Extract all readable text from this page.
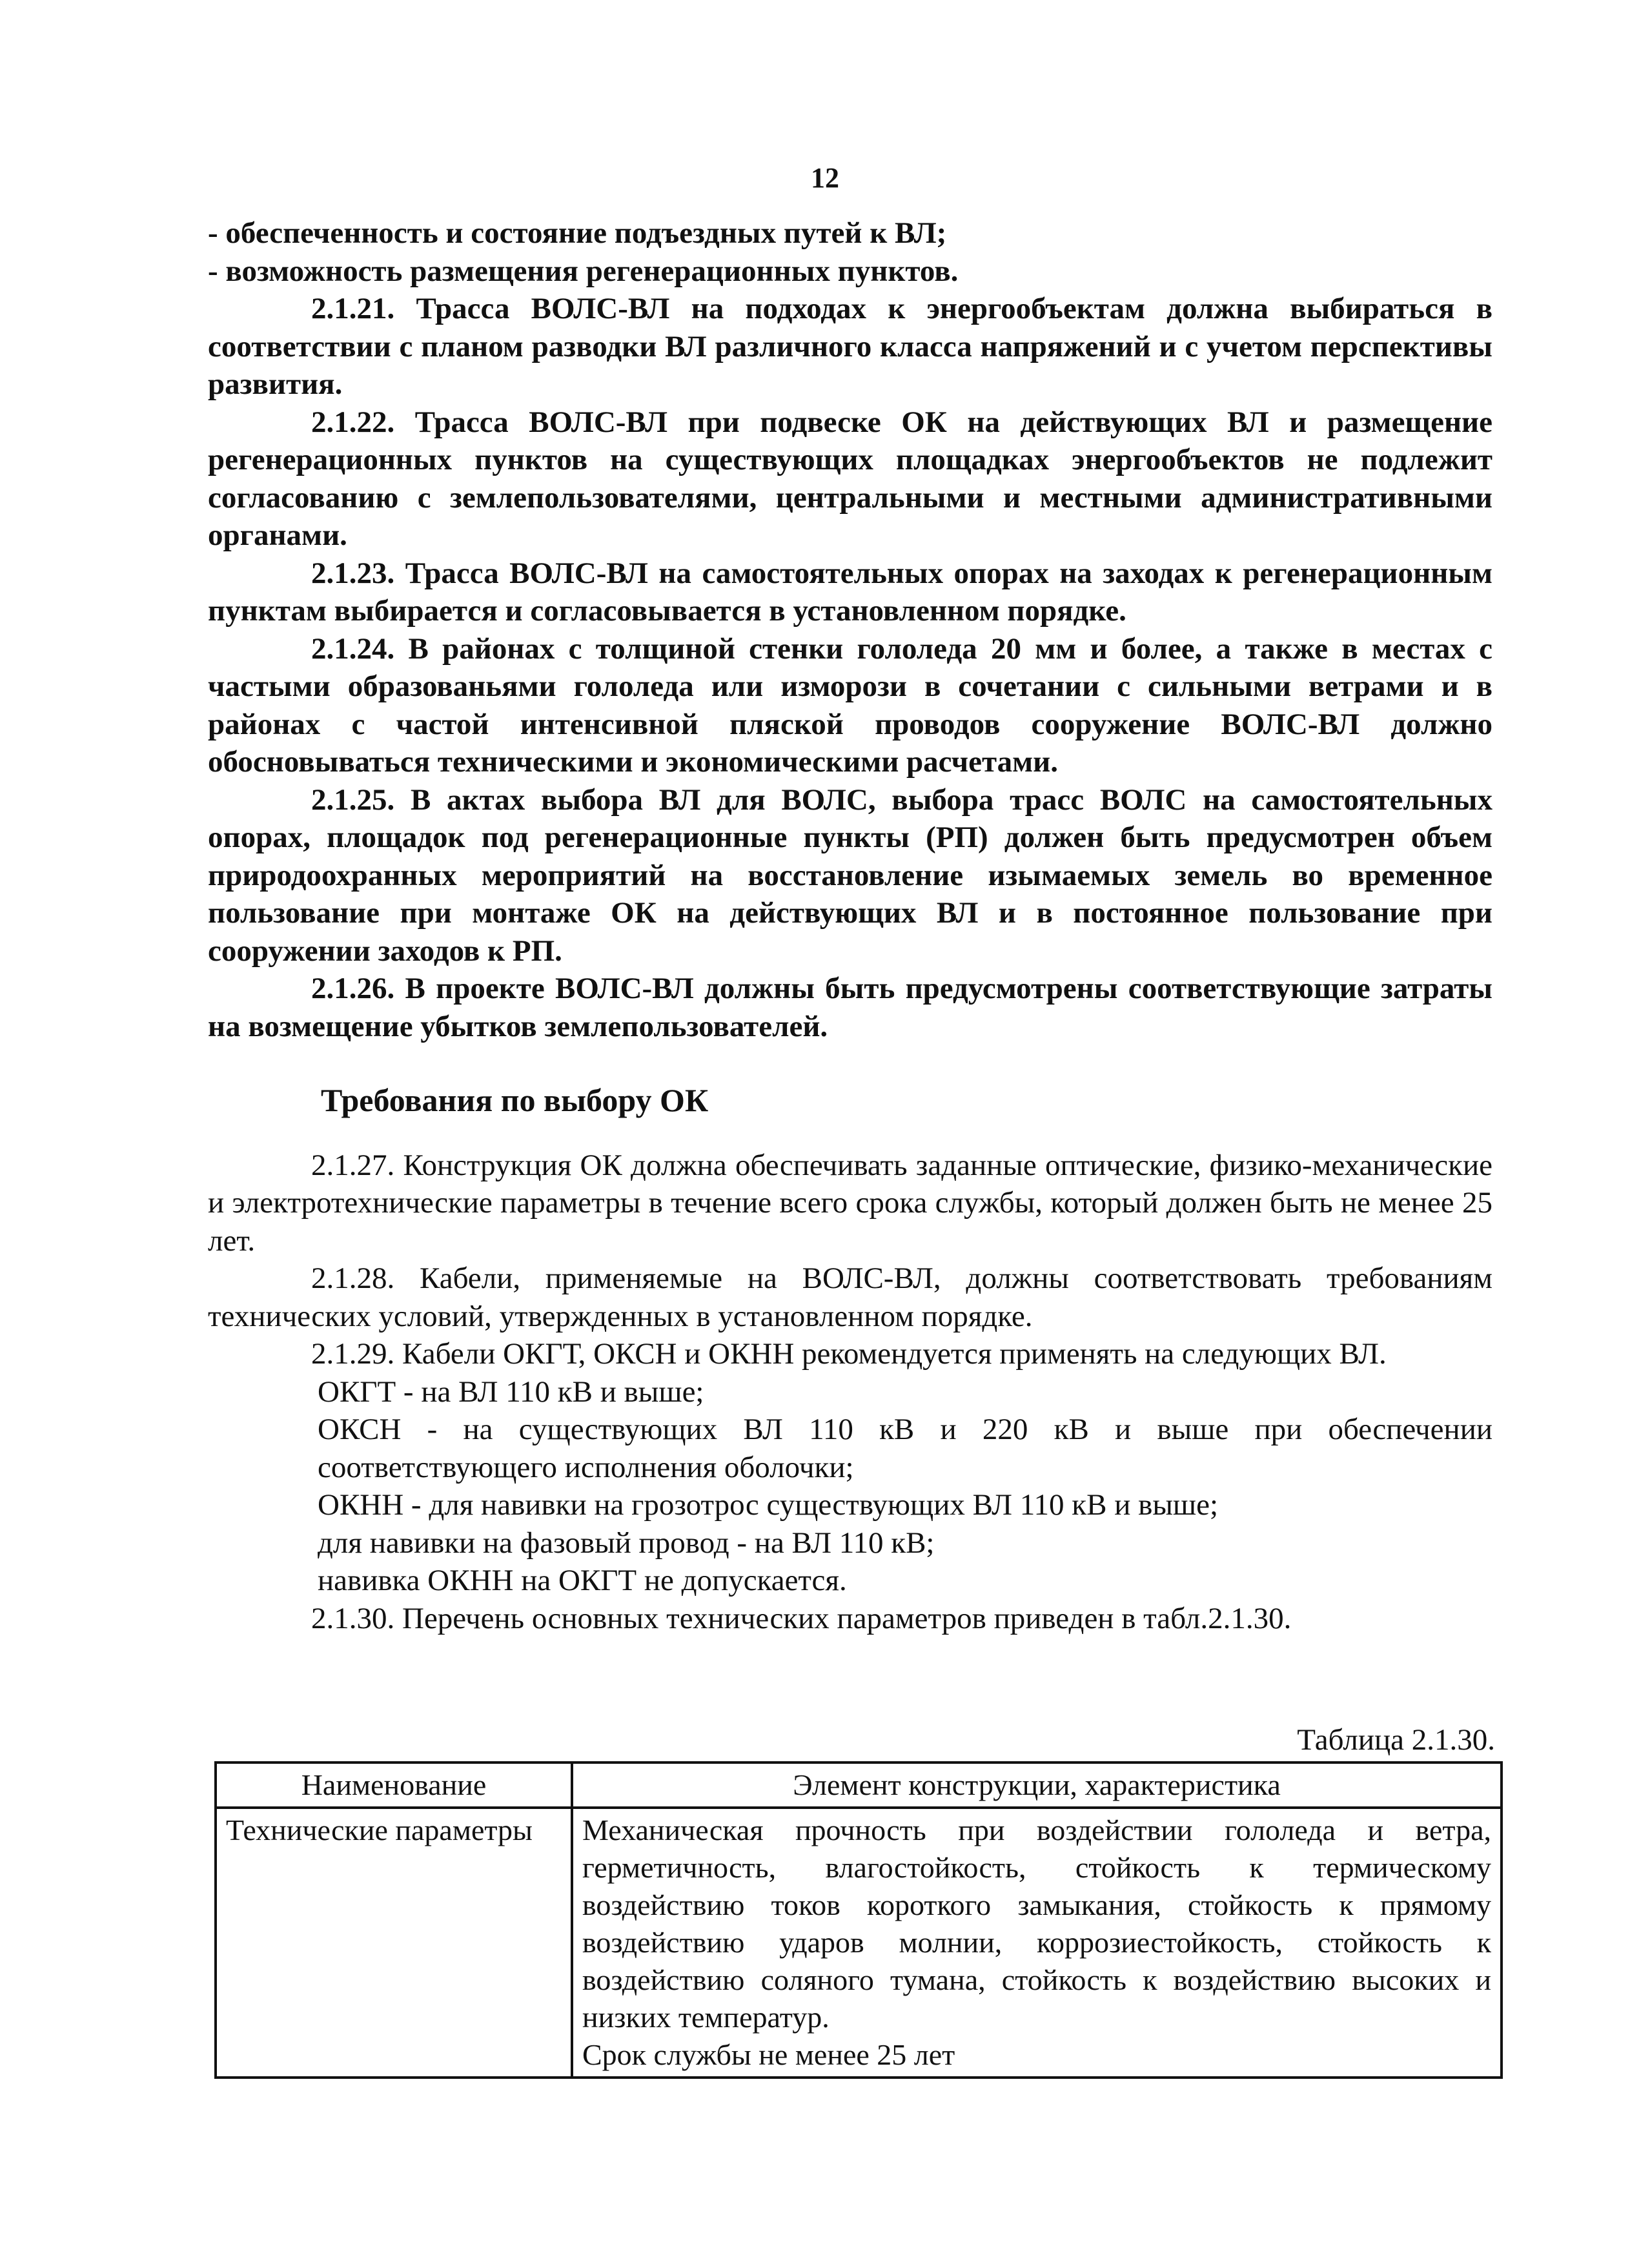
12

- обеспеченность и состояние подъездных путей к ВЛ;

- возможность размещения регенерационных пунктов.

2.1.21. Трасса ВОЛС-ВЛ на подходах к энергообъектам должна выбираться в соответствии с планом разводки ВЛ различного класса напряжений и с учетом перспективы развития.

2.1.22. Трасса ВОЛС-ВЛ при подвеске ОК на действующих ВЛ и размещение регенерационных пунктов на существующих площадках энергообъектов не подлежит согласованию с землепользователями, центральными и местными административными органами.

2.1.23. Трасса ВОЛС-ВЛ на самостоятельных опорах на заходах к регенерационным пунктам выбирается и согласовывается в установленном порядке.

2.1.24. В районах с толщиной стенки гололеда 20 мм и более, а также в местах с частыми образованьями гололеда или изморози в сочетании с сильными ветрами и в районах с частой интенсивной пляской проводов сооружение ВОЛС-ВЛ должно обосновываться техническими и экономическими расчетами.

2.1.25. В актах выбора ВЛ для ВОЛС, выбора трасс ВОЛС на самостоятельных опорах, площадок под регенерационные пункты (РП) должен быть предусмотрен объем природоохранных мероприятий на восстановление изымаемых земель во временное пользование при монтаже ОК на действующих ВЛ и в постоянное пользование при сооружении заходов к РП.

2.1.26. В проекте ВОЛС-ВЛ должны быть предусмотрены соответствующие затраты на возмещение убытков землепользователей.

Требования по выбору ОК

2.1.27. Конструкция ОК должна обеспечивать заданные оптические, физико-механические и электротехнические параметры в течение всего срока службы, который должен быть не менее 25 лет.

2.1.28. Кабели, применяемые на ВОЛС-ВЛ, должны соответствовать требованиям технических условий, утвержденных в установленном порядке.

2.1.29. Кабели ОКГТ, ОКСН и ОКНН рекомендуется применять на следующих ВЛ.

ОКГТ - на ВЛ 110 кВ и выше;

ОКСН - на существующих ВЛ 110 кВ и 220 кВ и выше при обеспечении соответствующего исполнения оболочки;

ОКНН - для навивки на грозотрос существующих ВЛ 110 кВ и выше;

для навивки на фазовый провод - на ВЛ 110 кВ;

навивка ОКНН на ОКГТ не допускается.

2.1.30. Перечень основных технических параметров приведен в табл.2.1.30.

Таблица 2.1.30.
Наименование	Элемент конструкции, характеристика
Технические параметры	Механическая прочность при воздействии гололеда и ветра, герметичность, влагостойкость, стойкость к термическому воздействию токов короткого замыкания, стойкость к прямому воздействию ударов молнии, коррозиестойкость, стойкость к воздействию соляного тумана, стойкость к воздействию высоких и низких температур.
Срок службы не менее 25 лет
